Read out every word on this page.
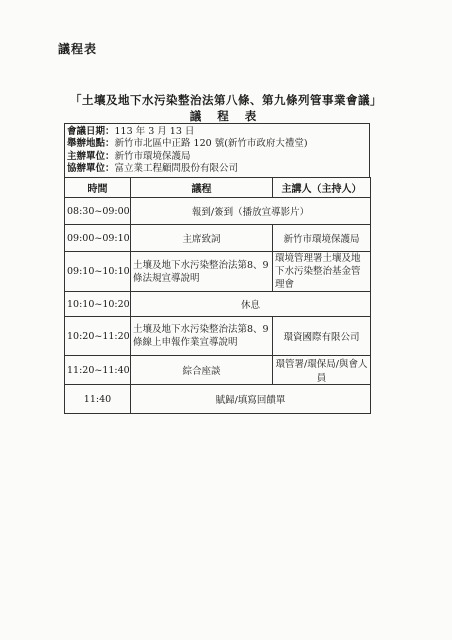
議程表
「土壤及地下水污染整治法第八條、第九條列管事業會議」
議 程 表
會議日期：113 年 3 月 13 日
舉辦地點：新竹市北區中正路 120 號(新竹市政府大禮堂)
主辦單位：新竹市環境保護局
協辦單位：富立業工程顧問股份有限公司
時間	議程	主講人（主持人）
08:30~09:00	報到/簽到（播放宣導影片）	
09:00~09:10	主席致詞	新竹市環境保護局
09:10~10:10	土壤及地下水污染整治法第8、9條法規宣導說明	環境管理署土壤及地下水污染整治基金管理會
10:10~10:20	休息	
10:20~11:20	土壤及地下水污染整治法第8、9條線上申報作業宣導說明	環資國際有限公司
11:20~11:40	綜合座談	環管署/環保局/與會人員
11:40	賦歸/填寫回饋單	
